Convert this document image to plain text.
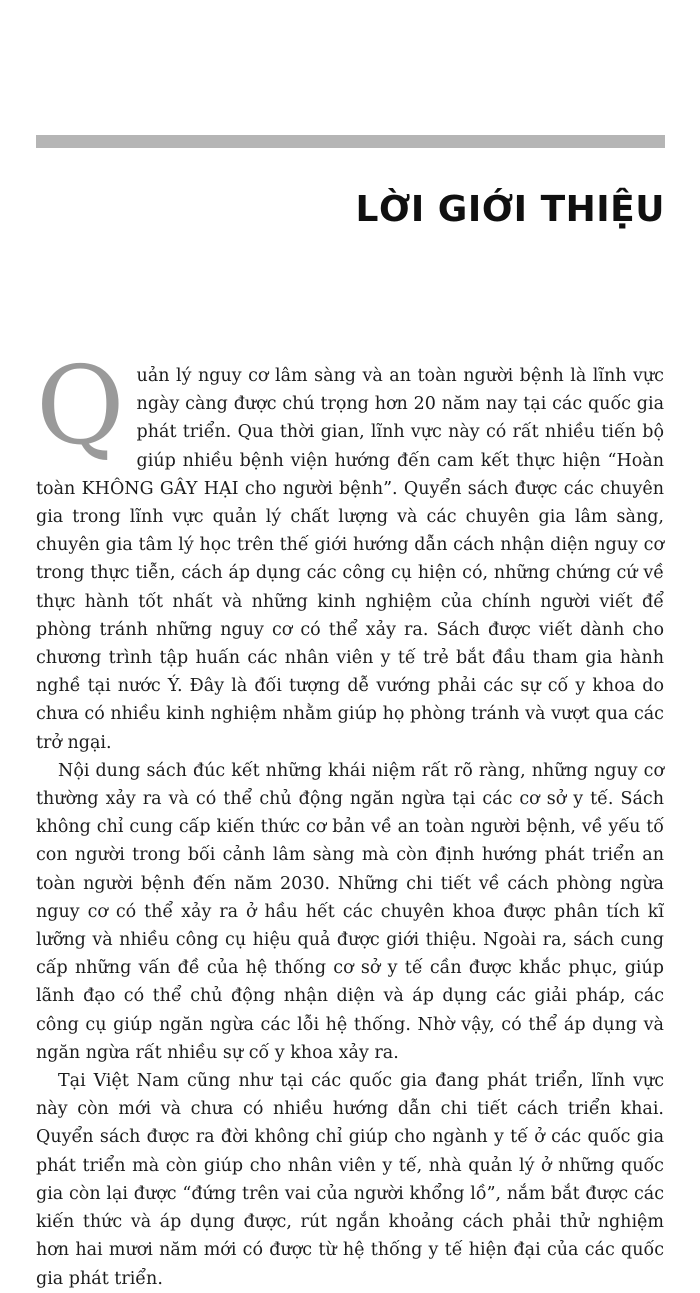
LỜI GIỚI THIỆU

Quản lý nguy cơ lâm sàng và an toàn người bệnh là lĩnh vực ngày càng được chú trọng hơn 20 năm nay tại các quốc gia phát triển. Qua thời gian, lĩnh vực này có rất nhiều tiến bộ giúp nhiều bệnh viện hướng đến cam kết thực hiện “Hoàn toàn KHÔNG GÂY HẠI cho người bệnh”. Quyển sách được các chuyên gia trong lĩnh vực quản lý chất lượng và các chuyên gia lâm sàng, chuyên gia tâm lý học trên thế giới hướng dẫn cách nhận diện nguy cơ trong thực tiễn, cách áp dụng các công cụ hiện có, những chứng cứ về thực hành tốt nhất và những kinh nghiệm của chính người viết để phòng tránh những nguy cơ có thể xảy ra. Sách được viết dành cho chương trình tập huấn các nhân viên y tế trẻ bắt đầu tham gia hành nghề tại nước Ý. Đây là đối tượng dễ vướng phải các sự cố y khoa do chưa có nhiều kinh nghiệm nhằm giúp họ phòng tránh và vượt qua các trở ngại.

Nội dung sách đúc kết những khái niệm rất rõ ràng, những nguy cơ thường xảy ra và có thể chủ động ngăn ngừa tại các cơ sở y tế. Sách không chỉ cung cấp kiến thức cơ bản về an toàn người bệnh, về yếu tố con người trong bối cảnh lâm sàng mà còn định hướng phát triển an toàn người bệnh đến năm 2030. Những chi tiết về cách phòng ngừa nguy cơ có thể xảy ra ở hầu hết các chuyên khoa được phân tích kĩ lưỡng và nhiều công cụ hiệu quả được giới thiệu. Ngoài ra, sách cung cấp những vấn đề của hệ thống cơ sở y tế cần được khắc phục, giúp lãnh đạo có thể chủ động nhận diện và áp dụng các giải pháp, các công cụ giúp ngăn ngừa các lỗi hệ thống. Nhờ vậy, có thể áp dụng và ngăn ngừa rất nhiều sự cố y khoa xảy ra.

Tại Việt Nam cũng như tại các quốc gia đang phát triển, lĩnh vực này còn mới và chưa có nhiều hướng dẫn chi tiết cách triển khai. Quyển sách được ra đời không chỉ giúp cho ngành y tế ở các quốc gia phát triển mà còn giúp cho nhân viên y tế, nhà quản lý ở những quốc gia còn lại được “đứng trên vai của người khổng lồ”, nắm bắt được các kiến thức và áp dụng được, rút ngắn khoảng cách phải thử nghiệm hơn hai mươi năm mới có được từ hệ thống y tế hiện đại của các quốc gia phát triển.
